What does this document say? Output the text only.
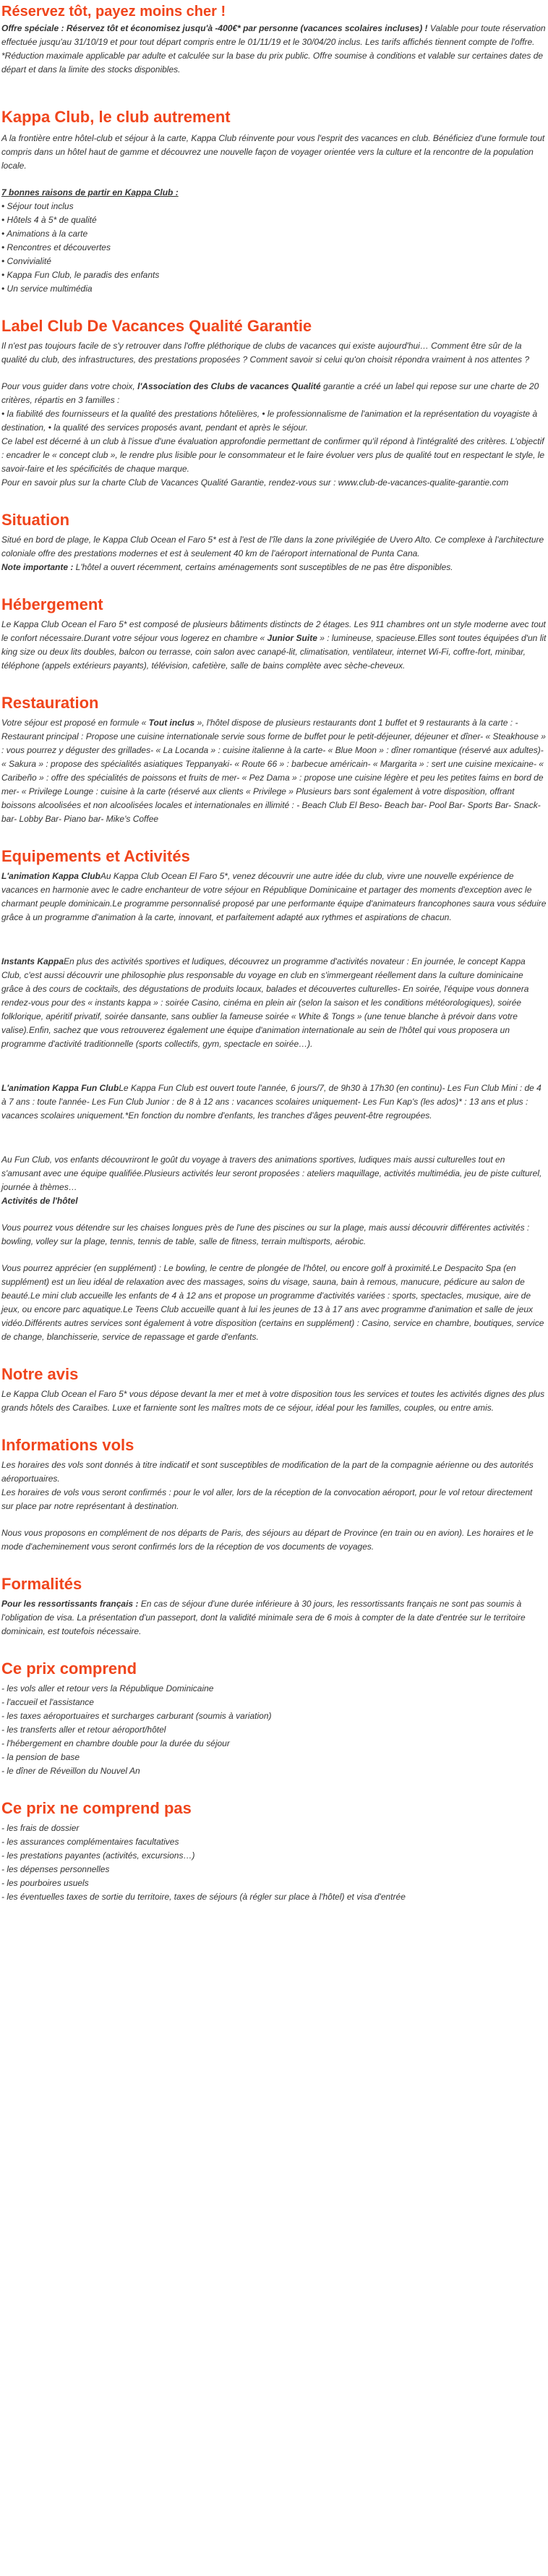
Réservez tôt, payez moins cher !

Offre spéciale : Réservez tôt et économisez jusqu'à -400€* par personne (vacances scolaires incluses) ! Valable pour toute réservation effectuée jusqu'au 31/10/19 et pour tout départ compris entre le 01/11/19 et le 30/04/20 inclus. Les tarifs affichés tiennent compte de l'offre.

*Réduction maximale applicable par adulte et calculée sur la base du prix public. Offre soumise à conditions et valable sur certaines dates de départ et dans la limite des stocks disponibles.

Kappa Club, le club autrement

A la frontière entre hôtel-club et séjour à la carte, Kappa Club réinvente pour vous l'esprit des vacances en club. Bénéficiez d'une formule tout compris dans un hôtel haut de gamme et découvrez une nouvelle façon de voyager orientée vers la culture et la rencontre de la population locale.

7 bonnes raisons de partir en Kappa Club :

• Séjour tout inclus
• Hôtels 4 à 5* de qualité
• Animations à la carte
• Rencontres et découvertes
• Convivialité
• Kappa Fun Club, le paradis des enfants
• Un service multimédia
Label Club De Vacances Qualité Garantie

Il n'est pas toujours facile de s'y retrouver dans l'offre pléthorique de clubs de vacances qui existe aujourd'hui… Comment être sûr de la qualité du club, des infrastructures, des prestations proposées ? Comment savoir si celui qu'on choisit répondra vraiment à nos attentes ?

Pour vous guider dans votre choix, l'Association des Clubs de vacances Qualité garantie a créé un label qui repose sur une charte de 20 critères, répartis en 3 familles :

• la fiabilité des fournisseurs et la qualité des prestations hôtelières, • le professionnalisme de l'animation et la représentation du voyagiste à destination, • la qualité des services proposés avant, pendant et après le séjour.

Ce label est décerné à un club à l'issue d'une évaluation approfondie permettant de confirmer qu'il répond à l'intégralité des critères. L'objectif : encadrer le « concept club », le rendre plus lisible pour le consommateur et le faire évoluer vers plus de qualité tout en respectant le style, le savoir-faire et les spécificités de chaque marque.

Pour en savoir plus sur la charte Club de Vacances Qualité Garantie, rendez-vous sur : www.club-de-vacances-qualite-garantie.com

Situation

Situé en bord de plage, le Kappa Club Ocean el Faro 5* est à l'est de l'île dans la zone privilégiée de Uvero Alto. Ce complexe à l'architecture coloniale offre des prestations modernes et est à seulement 40 km de l'aéroport international de Punta Cana.

Note importante : L'hôtel a ouvert récemment, certains aménagements sont susceptibles de ne pas être disponibles.

Hébergement

Le Kappa Club Ocean el Faro 5* est composé de plusieurs bâtiments distincts de 2 étages. Les 911 chambres ont un style moderne avec tout le confort nécessaire.Durant votre séjour vous logerez en chambre « Junior Suite » : lumineuse, spacieuse.Elles sont toutes équipées d'un lit king size ou deux lits doubles, balcon ou terrasse, coin salon avec canapé-lit, climatisation, ventilateur, internet Wi-Fi, coffre-fort, minibar, téléphone (appels extérieurs payants), télévision, cafetière, salle de bains complète avec sèche-cheveux.

Restauration

Votre séjour est proposé en formule « Tout inclus », l'hôtel dispose de plusieurs restaurants dont 1 buffet et 9 restaurants à la carte : - Restaurant principal : Propose une cuisine internationale servie sous forme de buffet pour le petit-déjeuner, déjeuner et dîner- « Steakhouse » : vous pourrez y déguster des grillades- « La Locanda » : cuisine italienne à la carte- « Blue Moon » : dîner romantique (réservé aux adultes)- « Sakura » : propose des spécialités asiatiques Teppanyaki- « Route 66 » : barbecue américain- « Margarita » : sert une cuisine mexicaine- « Caribeño » : offre des spécialités de poissons et fruits de mer- « Pez Dama » : propose une cuisine légère et peu les petites faims en bord de mer- « Privilege Lounge : cuisine à la carte (réservé aux clients « Privilege » Plusieurs bars sont également à votre disposition, offrant boissons alcoolisées et non alcoolisées locales et internationales en illimité : - Beach Club El Beso- Beach bar- Pool Bar- Sports Bar- Snack-bar- Lobby Bar- Piano bar- Mike's Coffee

Equipements et Activités

L'animation Kappa ClubAu Kappa Club Ocean El Faro 5*, venez découvrir une autre idée du club, vivre une nouvelle expérience de vacances en harmonie avec le cadre enchanteur de votre séjour en République Dominicaine et partager des moments d'exception avec le charmant peuple dominicain.Le programme personnalisé proposé par une performante équipe d'animateurs francophones saura vous séduire grâce à un programme d'animation à la carte, innovant, et parfaitement adapté aux rythmes et aspirations de chacun.

Instants KappaEn plus des activités sportives et ludiques, découvrez un programme d'activités novateur : En journée, le concept Kappa Club, c'est aussi découvrir une philosophie plus responsable du voyage en club en s'immergeant réellement dans la culture dominicaine grâce à des cours de cocktails, des dégustations de produits locaux, balades et découvertes culturelles- En soirée, l'équipe vous donnera rendez-vous pour des « instants kappa » : soirée Casino, cinéma en plein air (selon la saison et les conditions météorologiques), soirée folklorique, apéritif privatif, soirée dansante, sans oublier la fameuse soirée « White & Tongs » (une tenue blanche à prévoir dans votre valise).Enfin, sachez que vous retrouverez également une équipe d'animation internationale au sein de l'hôtel qui vous proposera un programme d'activité traditionnelle (sports collectifs, gym, spectacle en soirée…).

L'animation Kappa Fun ClubLe Kappa Fun Club est ouvert toute l'année, 6 jours/7, de 9h30 à 17h30 (en continu)- Les Fun Club Mini : de 4 à 7 ans : toute l'année- Les Fun Club Junior : de 8 à 12 ans : vacances scolaires uniquement- Les Fun Kap's (les ados)* : 13 ans et plus : vacances scolaires uniquement.*En fonction du nombre d'enfants, les tranches d'âges peuvent-être regroupées.

Au Fun Club, vos enfants découvriront le goût du voyage à travers des animations sportives, ludiques mais aussi culturelles tout en s'amusant avec une équipe qualifiée.Plusieurs activités leur seront proposées : ateliers maquillage, activités multimédia, jeu de piste culturel, journée à thèmes…

Activités de l'hôtel

Vous pourrez vous détendre sur les chaises longues près de l'une des piscines ou sur la plage, mais aussi découvrir différentes activités : bowling, volley sur la plage, tennis, tennis de table, salle de fitness, terrain multisports, aérobic.

Vous pourrez apprécier (en supplément) : Le bowling, le centre de plongée de l'hôtel, ou encore golf à proximité.Le Despacito Spa (en supplément) est un lieu idéal de relaxation avec des massages, soins du visage, sauna, bain à remous, manucure, pédicure au salon de beauté.Le mini club accueille les enfants de 4 à 12 ans et propose un programme d'activités variées : sports, spectacles, musique, aire de jeux, ou encore parc aquatique.Le Teens Club accueille quant à lui les jeunes de 13 à 17 ans avec programme d'animation et salle de jeux vidéo.Différents autres services sont également à votre disposition (certains en supplément) : Casino, service en chambre, boutiques, service de change, blanchisserie, service de repassage et garde d'enfants.

Notre avis

Le Kappa Club Ocean el Faro 5* vous dépose devant la mer et met à votre disposition tous les services et toutes les activités dignes des plus grands hôtels des Caraïbes. Luxe et farniente sont les maîtres mots de ce séjour, idéal pour les familles, couples, ou entre amis.

Informations vols

Les horaires des vols sont donnés à titre indicatif et sont susceptibles de modification de la part de la compagnie aérienne ou des autorités aéroportuaires.

Les horaires de vols vous seront confirmés : pour le vol aller, lors de la réception de la convocation aéroport, pour le vol retour directement sur place par notre représentant à destination.

Nous vous proposons en complément de nos départs de Paris, des séjours au départ de Province (en train ou en avion). Les horaires et le mode d'acheminement vous seront confirmés lors de la réception de vos documents de voyages.

Formalités

Pour les ressortissants français : En cas de séjour d'une durée inférieure à 30 jours, les ressortissants français ne sont pas soumis à l'obligation de visa. La présentation d'un passeport, dont la validité minimale sera de 6 mois à compter de la date d'entrée sur le territoire dominicain, est toutefois nécessaire.

Ce prix comprend
- les vols aller et retour vers la République Dominicaine
- l'accueil et l'assistance
- les taxes aéroportuaires et surcharges carburant (soumis à variation)
- les transferts aller et retour aéroport/hôtel
- l'hébergement en chambre double pour la durée du séjour
- la pension de base
- le dîner de Réveillon du Nouvel An
Ce prix ne comprend pas
- les frais de dossier
- les assurances complémentaires facultatives
- les prestations payantes (activités, excursions…)
- les dépenses personnelles
- les pourboires usuels
- les éventuelles taxes de sortie du territoire, taxes de séjours (à régler sur place à l'hôtel) et visa d'entrée
